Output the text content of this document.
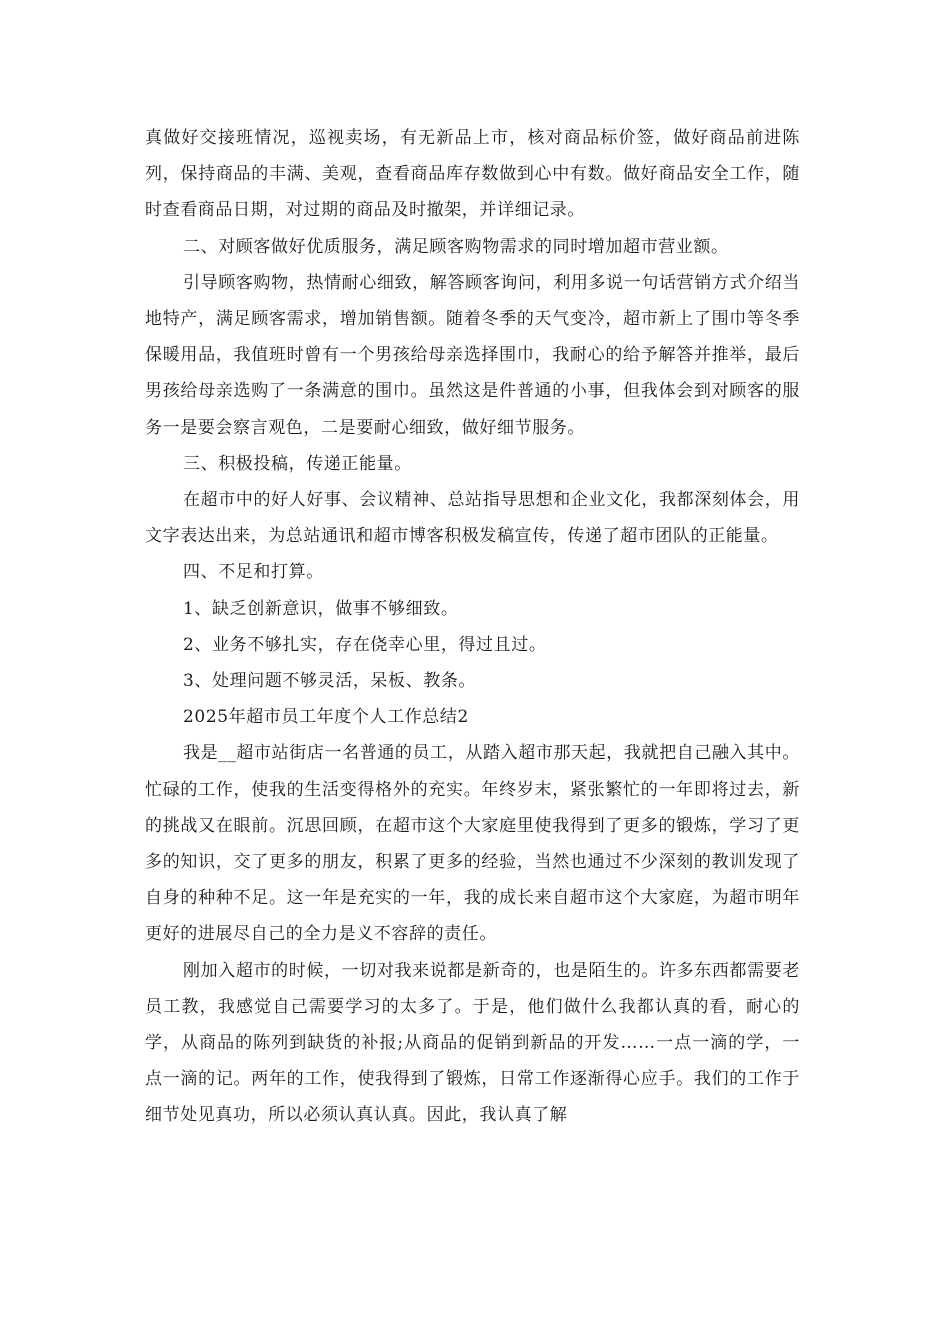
真做好交接班情况，巡视卖场，有无新品上市，核对商品标价签，做好商品前进陈列，保持商品的丰满、美观，查看商品库存数做到心中有数。做好商品安全工作，随时查看商品日期，对过期的商品及时撤架，并详细记录。

二、对顾客做好优质服务，满足顾客购物需求的同时增加超市营业额。

引导顾客购物，热情耐心细致，解答顾客询问，利用多说一句话营销方式介绍当地特产，满足顾客需求，增加销售额。随着冬季的天气变冷，超市新上了围巾等冬季保暖用品，我值班时曾有一个男孩给母亲选择围巾，我耐心的给予解答并推举，最后男孩给母亲选购了一条满意的围巾。虽然这是件普通的小事，但我体会到对顾客的服务一是要会察言观色，二是要耐心细致，做好细节服务。

三、积极投稿，传递正能量。

在超市中的好人好事、会议精神、总站指导思想和企业文化，我都深刻体会，用文字表达出来，为总站通讯和超市博客积极发稿宣传，传递了超市团队的正能量。

四、不足和打算。

1、缺乏创新意识，做事不够细致。

2、业务不够扎实，存在侥幸心里，得过且过。

3、处理问题不够灵活，呆板、教条。

2025年超市员工年度个人工作总结2

我是__超市站街店一名普通的员工，从踏入超市那天起，我就把自己融入其中。忙碌的工作，使我的生活变得格外的充实。年终岁末，紧张繁忙的一年即将过去，新的挑战又在眼前。沉思回顾，在超市这个大家庭里使我得到了更多的锻炼，学习了更多的知识，交了更多的朋友，积累了更多的经验，当然也通过不少深刻的教训发现了自身的种种不足。这一年是充实的一年，我的成长来自超市这个大家庭，为超市明年更好的进展尽自己的全力是义不容辞的责任。

刚加入超市的时候，一切对我来说都是新奇的，也是陌生的。许多东西都需要老员工教，我感觉自己需要学习的太多了。于是，他们做什么我都认真的看，耐心的学，从商品的陈列到缺货的补报;从商品的促销到新品的开发……一点一滴的学，一点一滴的记。两年的工作，使我得到了锻炼，日常工作逐渐得心应手。我们的工作于细节处见真功，所以必须认真认真。因此，我认真了解
